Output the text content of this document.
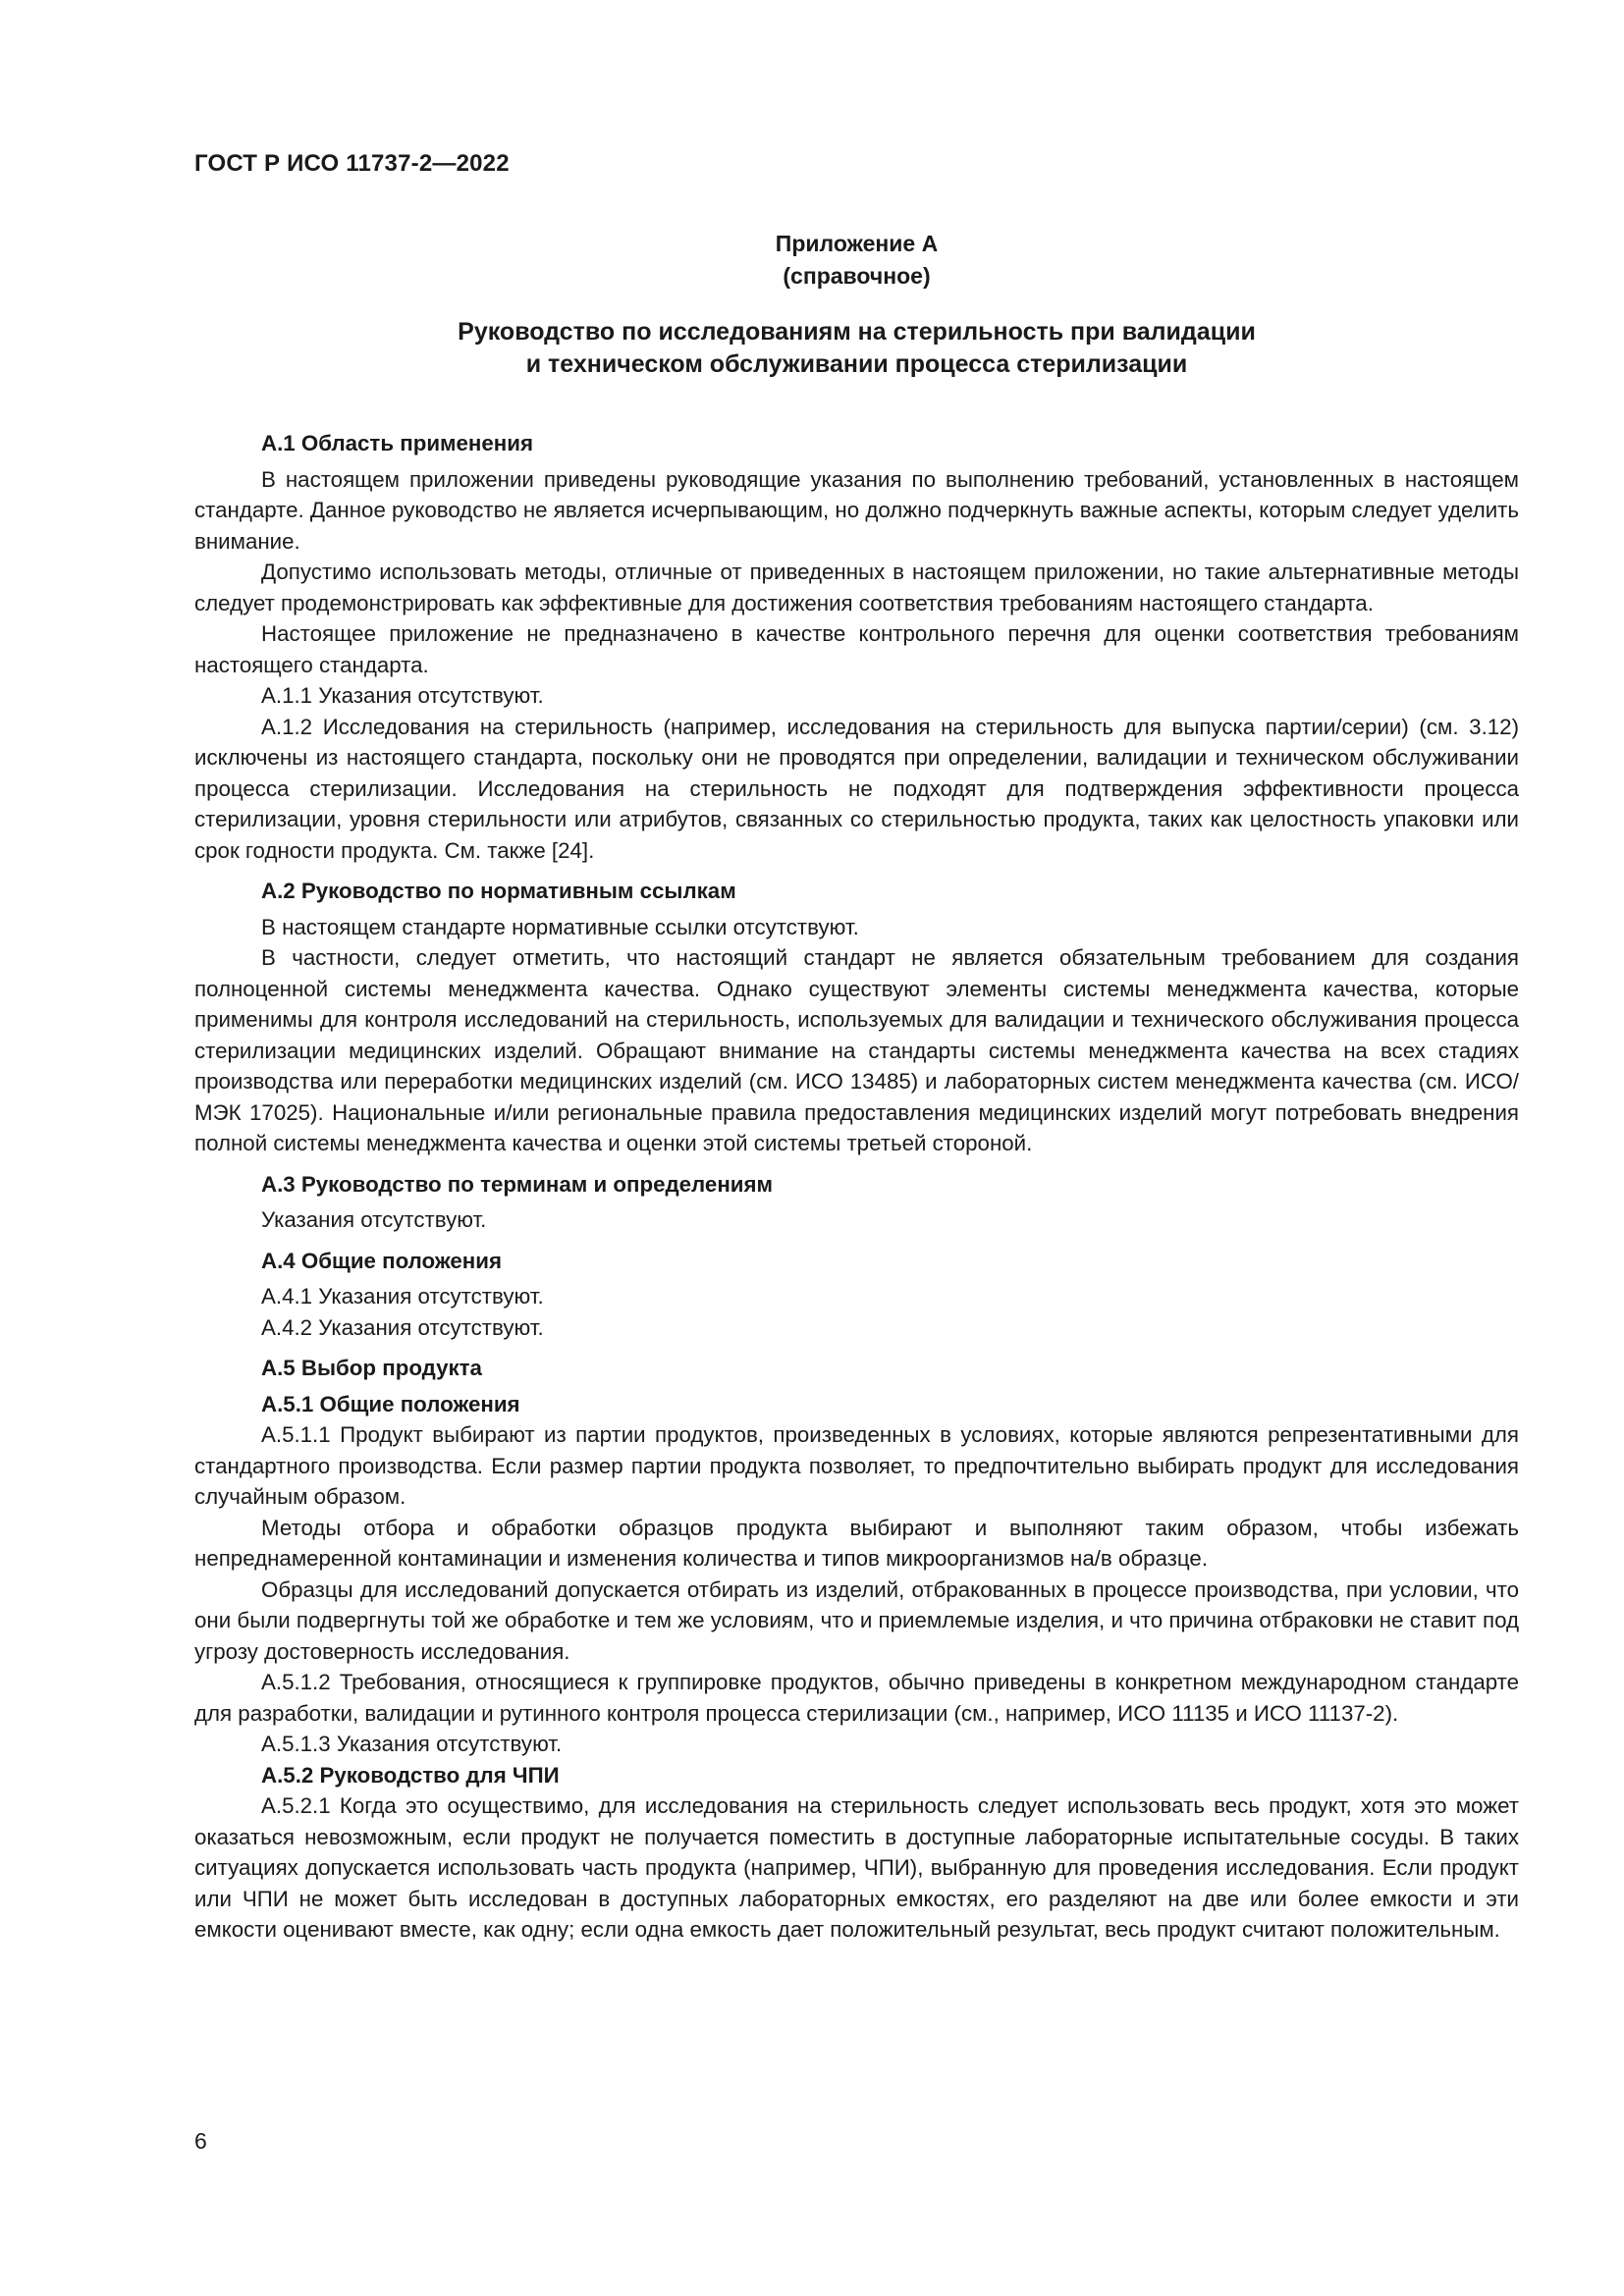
ГОСТ Р ИСО 11737-2—2022
Приложение А
(справочное)
Руководство по исследованиям на стерильность при валидации
и техническом обслуживании процесса стерилизации
А.1 Область применения

В настоящем приложении приведены руководящие указания по выполнению требований, установленных в настоящем стандарте. Данное руководство не является исчерпывающим, но должно подчеркнуть важные аспекты, которым следует уделить внимание.

Допустимо использовать методы, отличные от приведенных в настоящем приложении, но такие альтернативные методы следует продемонстрировать как эффективные для достижения соответствия требованиям настоящего стандарта.

Настоящее приложение не предназначено в качестве контрольного перечня для оценки соответствия требованиям настоящего стандарта.

А.1.1 Указания отсутствуют.

А.1.2 Исследования на стерильность (например, исследования на стерильность для выпуска партии/серии) (см. 3.12) исключены из настоящего стандарта, поскольку они не проводятся при определении, валидации и техническом обслуживании процесса стерилизации. Исследования на стерильность не подходят для подтверждения эффективности процесса стерилизации, уровня стерильности или атрибутов, связанных со стерильностью продукта, таких как целостность упаковки или срок годности продукта. См. также [24].

А.2 Руководство по нормативным ссылкам

В настоящем стандарте нормативные ссылки отсутствуют.

В частности, следует отметить, что настоящий стандарт не является обязательным требованием для создания полноценной системы менеджмента качества. Однако существуют элементы системы менеджмента качества, которые применимы для контроля исследований на стерильность, используемых для валидации и технического обслуживания процесса стерилизации медицинских изделий. Обращают внимание на стандарты системы менеджмента качества на всех стадиях производства или переработки медицинских изделий (см. ИСО 13485) и лабораторных систем менеджмента качества (см. ИСО/МЭК 17025). Национальные и/или региональные правила предоставления медицинских изделий могут потребовать внедрения полной системы менеджмента качества и оценки этой системы третьей стороной.

А.3 Руководство по терминам и определениям

Указания отсутствуют.

А.4 Общие положения

А.4.1 Указания отсутствуют.

А.4.2 Указания отсутствуют.

А.5 Выбор продукта
А.5.1 Общие положения

А.5.1.1 Продукт выбирают из партии продуктов, произведенных в условиях, которые являются репрезентативными для стандартного производства. Если размер партии продукта позволяет, то предпочтительно выбирать продукт для исследования случайным образом.

Методы отбора и обработки образцов продукта выбирают и выполняют таким образом, чтобы избежать непреднамеренной контаминации и изменения количества и типов микроорганизмов на/в образце.

Образцы для исследований допускается отбирать из изделий, отбракованных в процессе производства, при условии, что они были подвергнуты той же обработке и тем же условиям, что и приемлемые изделия, и что причина отбраковки не ставит под угрозу достоверность исследования.

А.5.1.2 Требования, относящиеся к группировке продуктов, обычно приведены в конкретном международном стандарте для разработки, валидации и рутинного контроля процесса стерилизации (см., например, ИСО 11135 и ИСО 11137-2).

А.5.1.3 Указания отсутствуют.

А.5.2 Руководство для ЧПИ

А.5.2.1 Когда это осуществимо, для исследования на стерильность следует использовать весь продукт, хотя это может оказаться невозможным, если продукт не получается поместить в доступные лабораторные испытательные сосуды. В таких ситуациях допускается использовать часть продукта (например, ЧПИ), выбранную для проведения исследования. Если продукт или ЧПИ не может быть исследован в доступных лабораторных емкостях, его разделяют на две или более емкости и эти емкости оценивают вместе, как одну; если одна емкость дает положительный результат, весь продукт считают положительным.

6
